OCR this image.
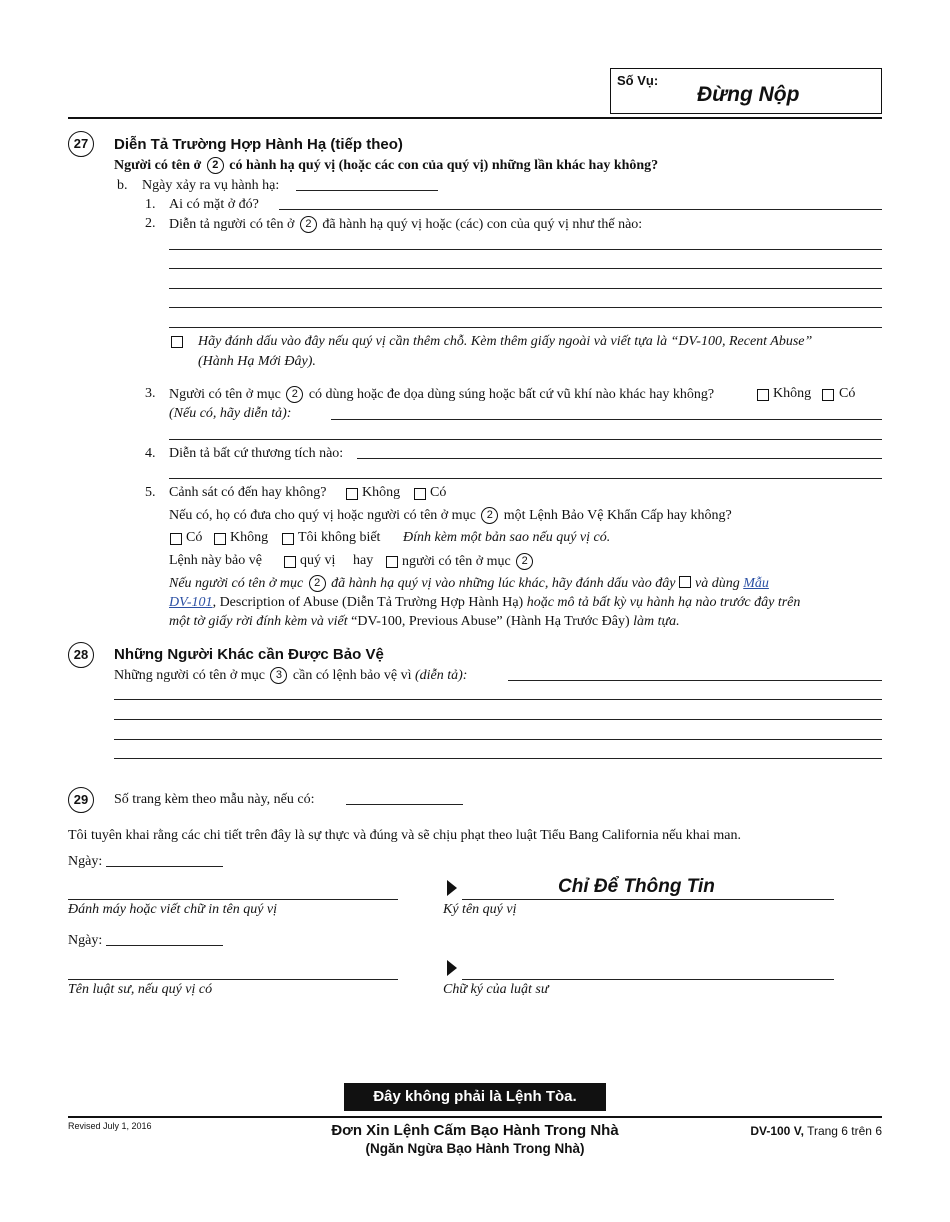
Số Vụ:
Đừng Nộp
27	Diễn Tả Trường Hợp Hành Hạ (tiếp theo)
Người có tên ở 2 có hành hạ quý vị (hoặc các con của quý vị) những lần khác hay không?
b. Ngày xảy ra vụ hành hạ:
1. Ai có mặt ở đó?
2. Diễn tả người có tên ở 2 đã hành hạ quý vị hoặc (các) con của quý vị như thế nào:
Hãy đánh dấu vào đây nếu quý vị cần thêm chỗ. Kèm thêm giấy ngoài và viết tựa là “DV-100, Recent Abuse”
(Hành Hạ Mới Đây).
3. Người có tên ở mục 2 có dùng hoặc đe dọa dùng súng hoặc bất cứ vũ khí nào khác hay không?	Không Có
(Nếu có, hãy diễn tả):
4. Diễn tả bất cứ thương tích nào:
5. Cảnh sát có đến hay không?	Không Có
Nếu có, họ có đưa cho quý vị hoặc người có tên ở mục 2 một Lệnh Bảo Vệ Khẩn Cấp hay không?
Có Không Tôi không biết Đính kèm một bản sao nếu quý vị có.
Lệnh này bảo vệ	quý vị hay người có tên ở mục 2
Nếu người có tên ở mục 2 đã hành hạ quý vị vào những lúc khác, hãy đánh dấu vào đây và dùng Mẫu
DV-101, Description of Abuse (Diễn Tả Trường Hợp Hành Hạ) hoặc mô tả bất kỳ vụ hành hạ nào trước đây trên
một tờ giấy rời đính kèm và viết “DV-100, Previous Abuse” (Hành Hạ Trước Đây) làm tựa.
28	Những Người Khác cần Được Bảo Vệ
Những người có tên ở mục 3 cần có lệnh bảo vệ vì (diễn tả):
29	Số trang kèm theo mẫu này, nếu có:
Tôi tuyên khai rằng các chi tiết trên đây là sự thực và đúng và sẽ chịu phạt theo luật Tiểu Bang California nếu khai man.
Ngày:
Đánh máy hoặc viết chữ in tên quý vị
Chỉ Để Thông Tin
Ký tên quý vị
Ngày:
Tên luật sư, nếu quý vị có	Chữ ký của luật sư
Đây không phải là Lệnh Tòa.
Revised July 1, 2016	Đơn Xin Lệnh Cấm Bạo Hành Trong Nhà
(Ngăn Ngừa Bạo Hành Trong Nhà)
DV-100 V, Trang 6 trên 6
